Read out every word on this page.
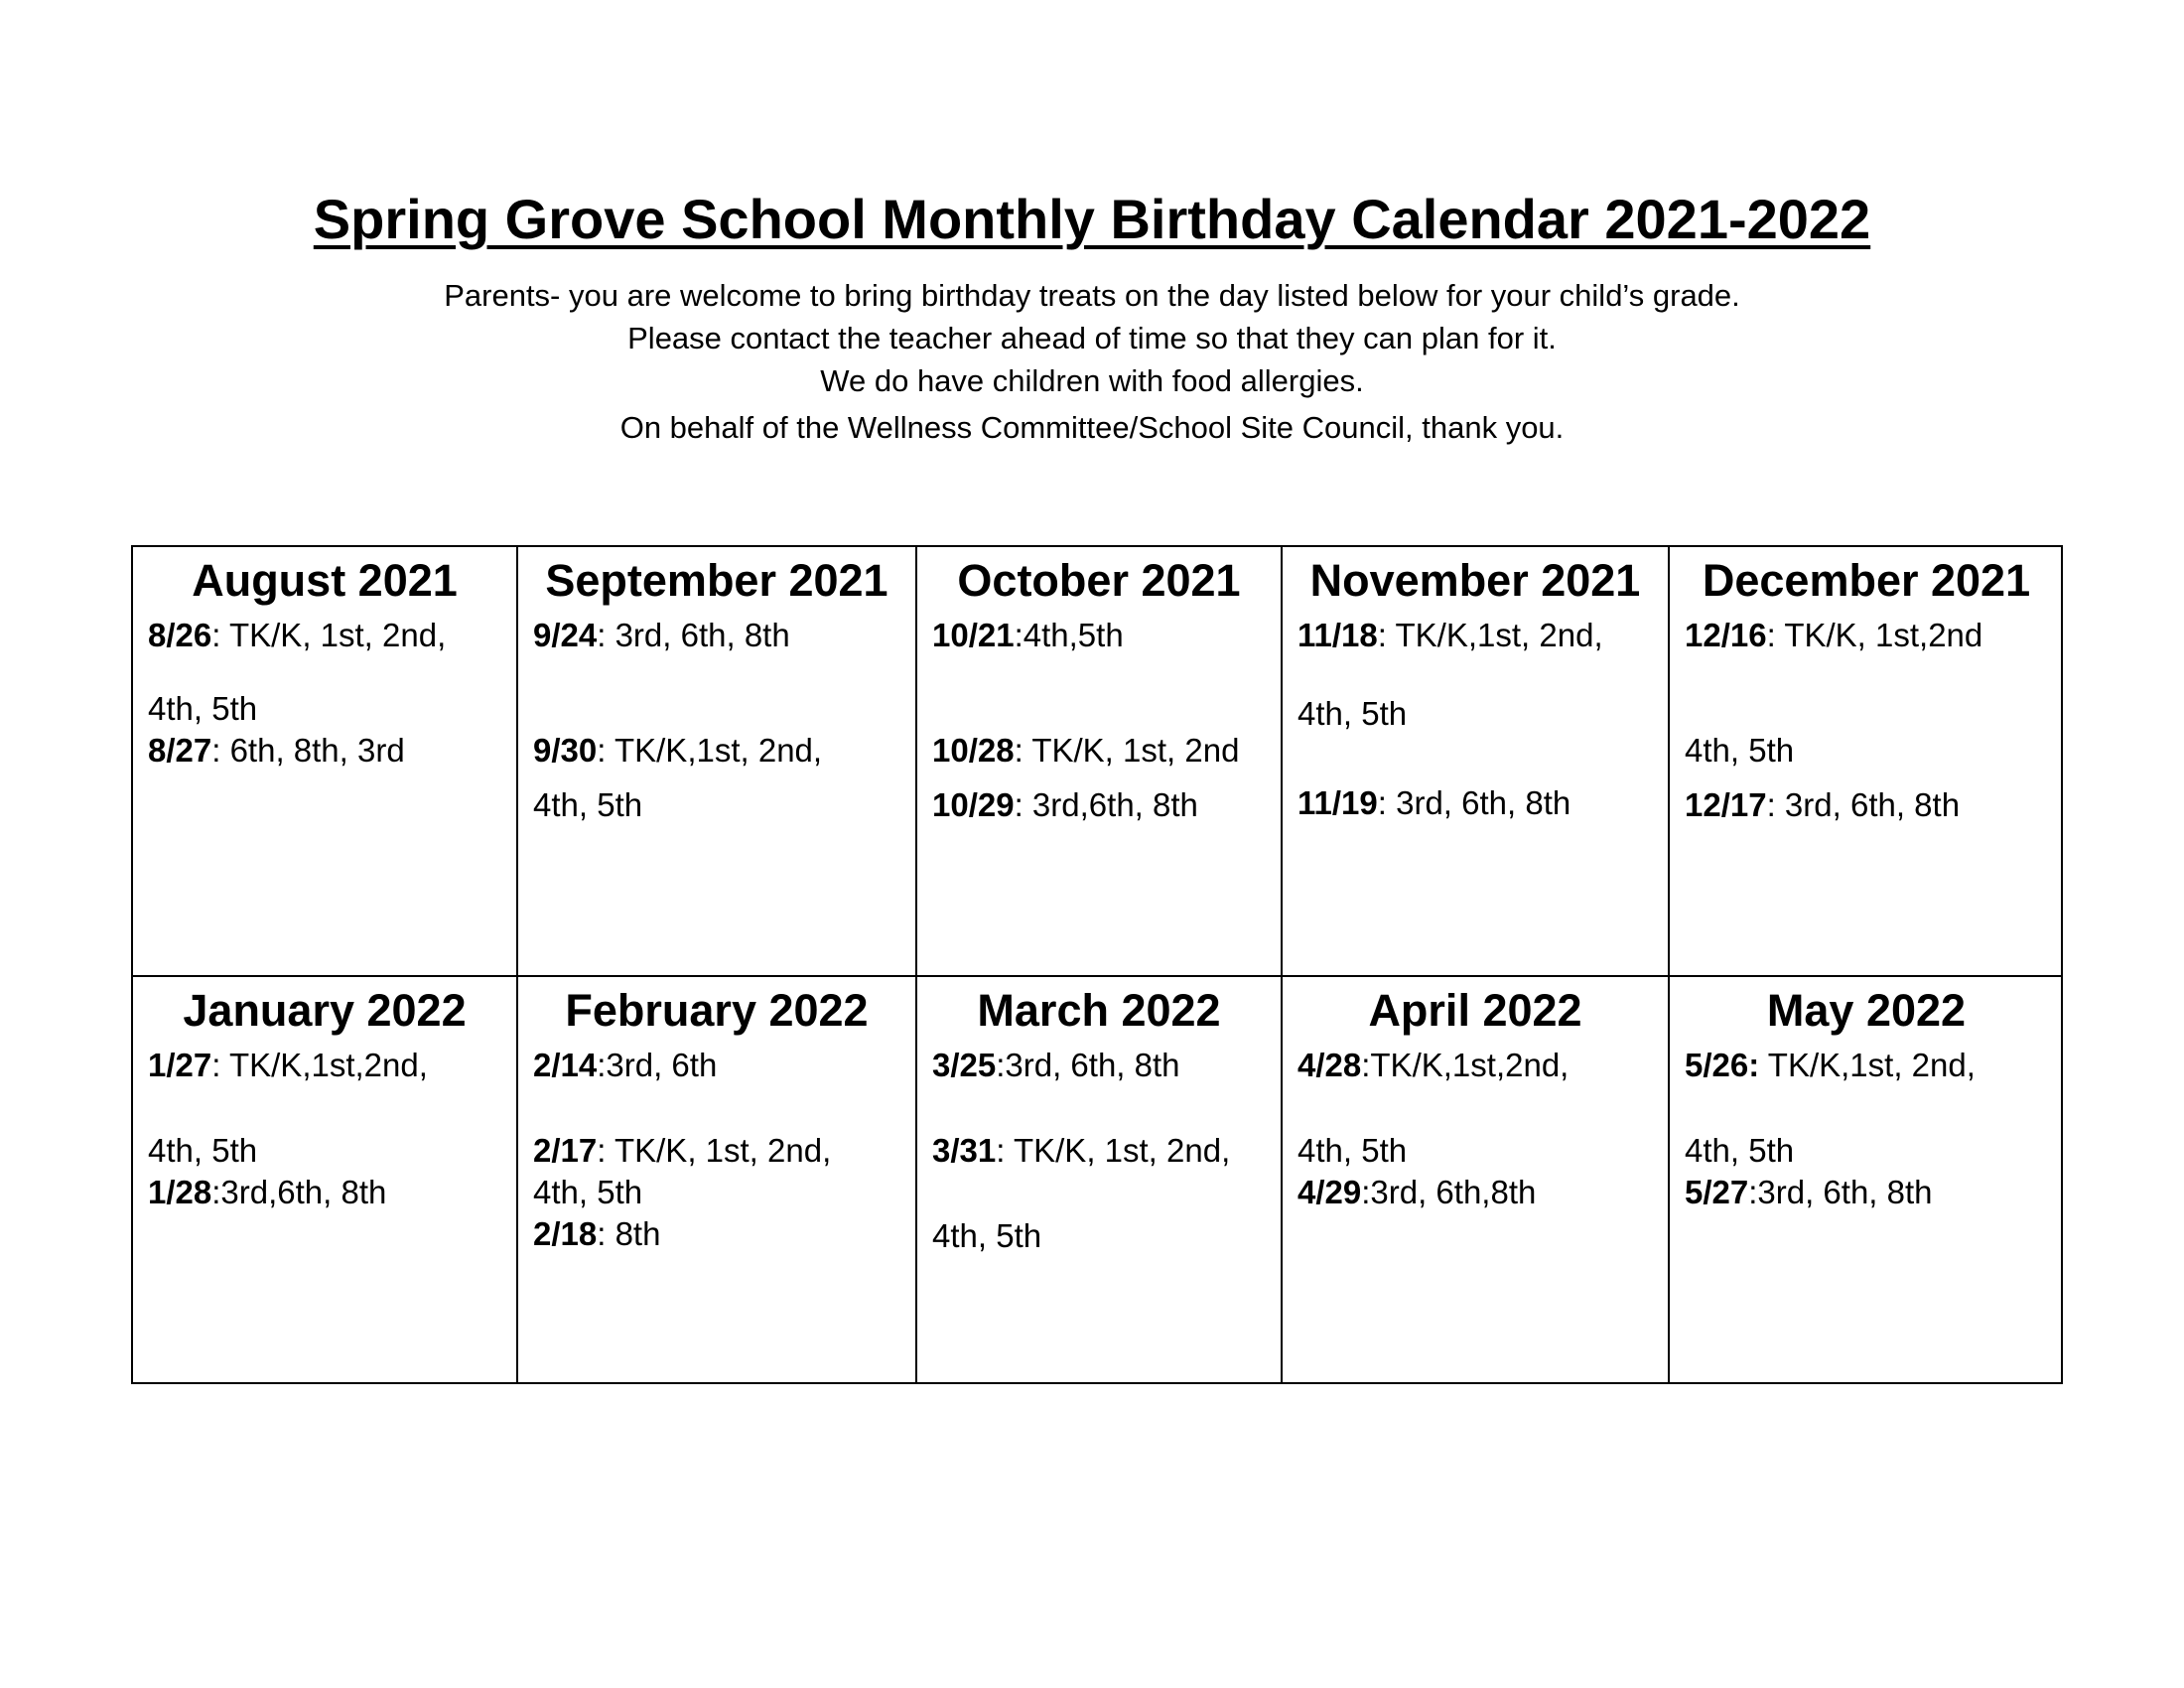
Spring Grove School Monthly Birthday Calendar 2021-2022
Parents- you are welcome to bring birthday treats on the day listed below for your child’s grade.
Please contact the teacher ahead of time so that they can plan for it.
We do have children with food allergies.
On behalf of the Wellness Committee/School Site Council, thank you.
August 2021
8/26: TK/K, 1st, 2nd,
4th, 5th
8/27: 6th, 8th, 3rd
September 2021
9/24: 3rd, 6th, 8th
9/30: TK/K,1st, 2nd,
4th, 5th
October 2021
10/21:4th,5th
10/28: TK/K, 1st, 2nd
10/29: 3rd,6th, 8th
November 2021
11/18: TK/K,1st, 2nd,
4th, 5th
11/19: 3rd, 6th, 8th
December 2021
12/16: TK/K, 1st,2nd
4th, 5th
12/17: 3rd, 6th, 8th
January 2022
1/27: TK/K,1st,2nd,
4th, 5th
1/28:3rd,6th, 8th
February 2022
2/14:3rd, 6th
2/17: TK/K, 1st, 2nd,
4th, 5th
2/18: 8th
March 2022
3/25:3rd, 6th, 8th
3/31: TK/K, 1st, 2nd,
4th, 5th
April 2022
4/28:TK/K,1st,2nd,
4th, 5th
4/29:3rd, 6th,8th
May 2022
5/26: TK/K,1st, 2nd,
4th, 5th
5/27:3rd, 6th, 8th
